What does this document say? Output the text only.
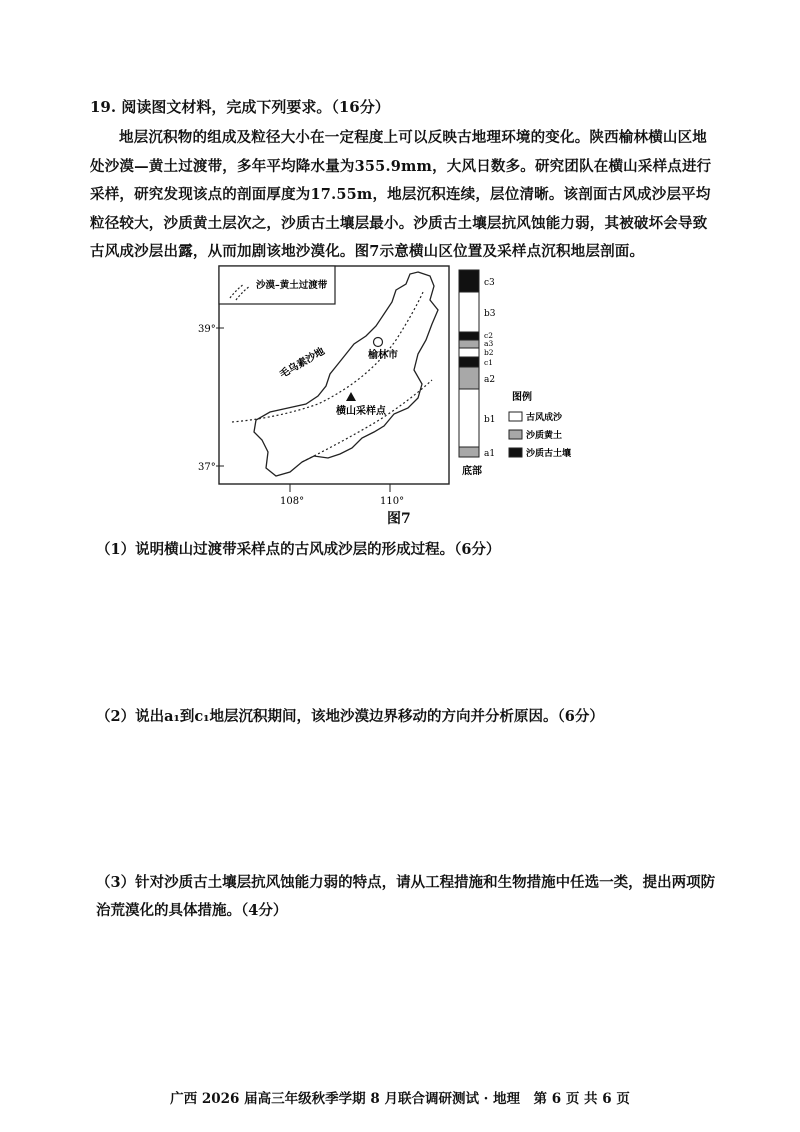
19. 阅读图文材料，完成下列要求。（16分）
地层沉积物的组成及粒径大小在一定程度上可以反映古地理环境的变化。陕西榆林横山区地处沙漠—黄土过渡带，多年平均降水量为355.9mm，大风日数多。研究团队在横山采样点进行采样，研究发现该点的剖面厚度为17.55m，地层沉积连续，层位清晰。该剖面古风成沙层平均粒径较大，沙质黄土层次之，沙质古土壤层最小。沙质古土壤层抗风蚀能力弱，其被破坏会导致古风成沙层出露，从而加剧该地沙漠化。图7示意横山区位置及采样点沉积地层剖面。
沙漠–黄土过渡带
毛乌素沙地	榆林市
横山采样点
39°
37°
108°	110°
c3
b3
c2
a3
b2
c1
a2
b1
a1
底部
图例
古风成沙
沙质黄土
沙质古土壤
图7
（1）说明横山过渡带采样点的古风成沙层的形成过程。（6分）
（2）说出a₁到c₁地层沉积期间，该地沙漠边界移动的方向并分析原因。（6分）
（3）针对沙质古土壤层抗风蚀能力弱的特点，请从工程措施和生物措施中任选一类，提出两项防治荒漠化的具体措施。（4分）
广西 2026 届高三年级秋季学期 8 月联合调研测试 · 地理　第 6 页 共 6 页
